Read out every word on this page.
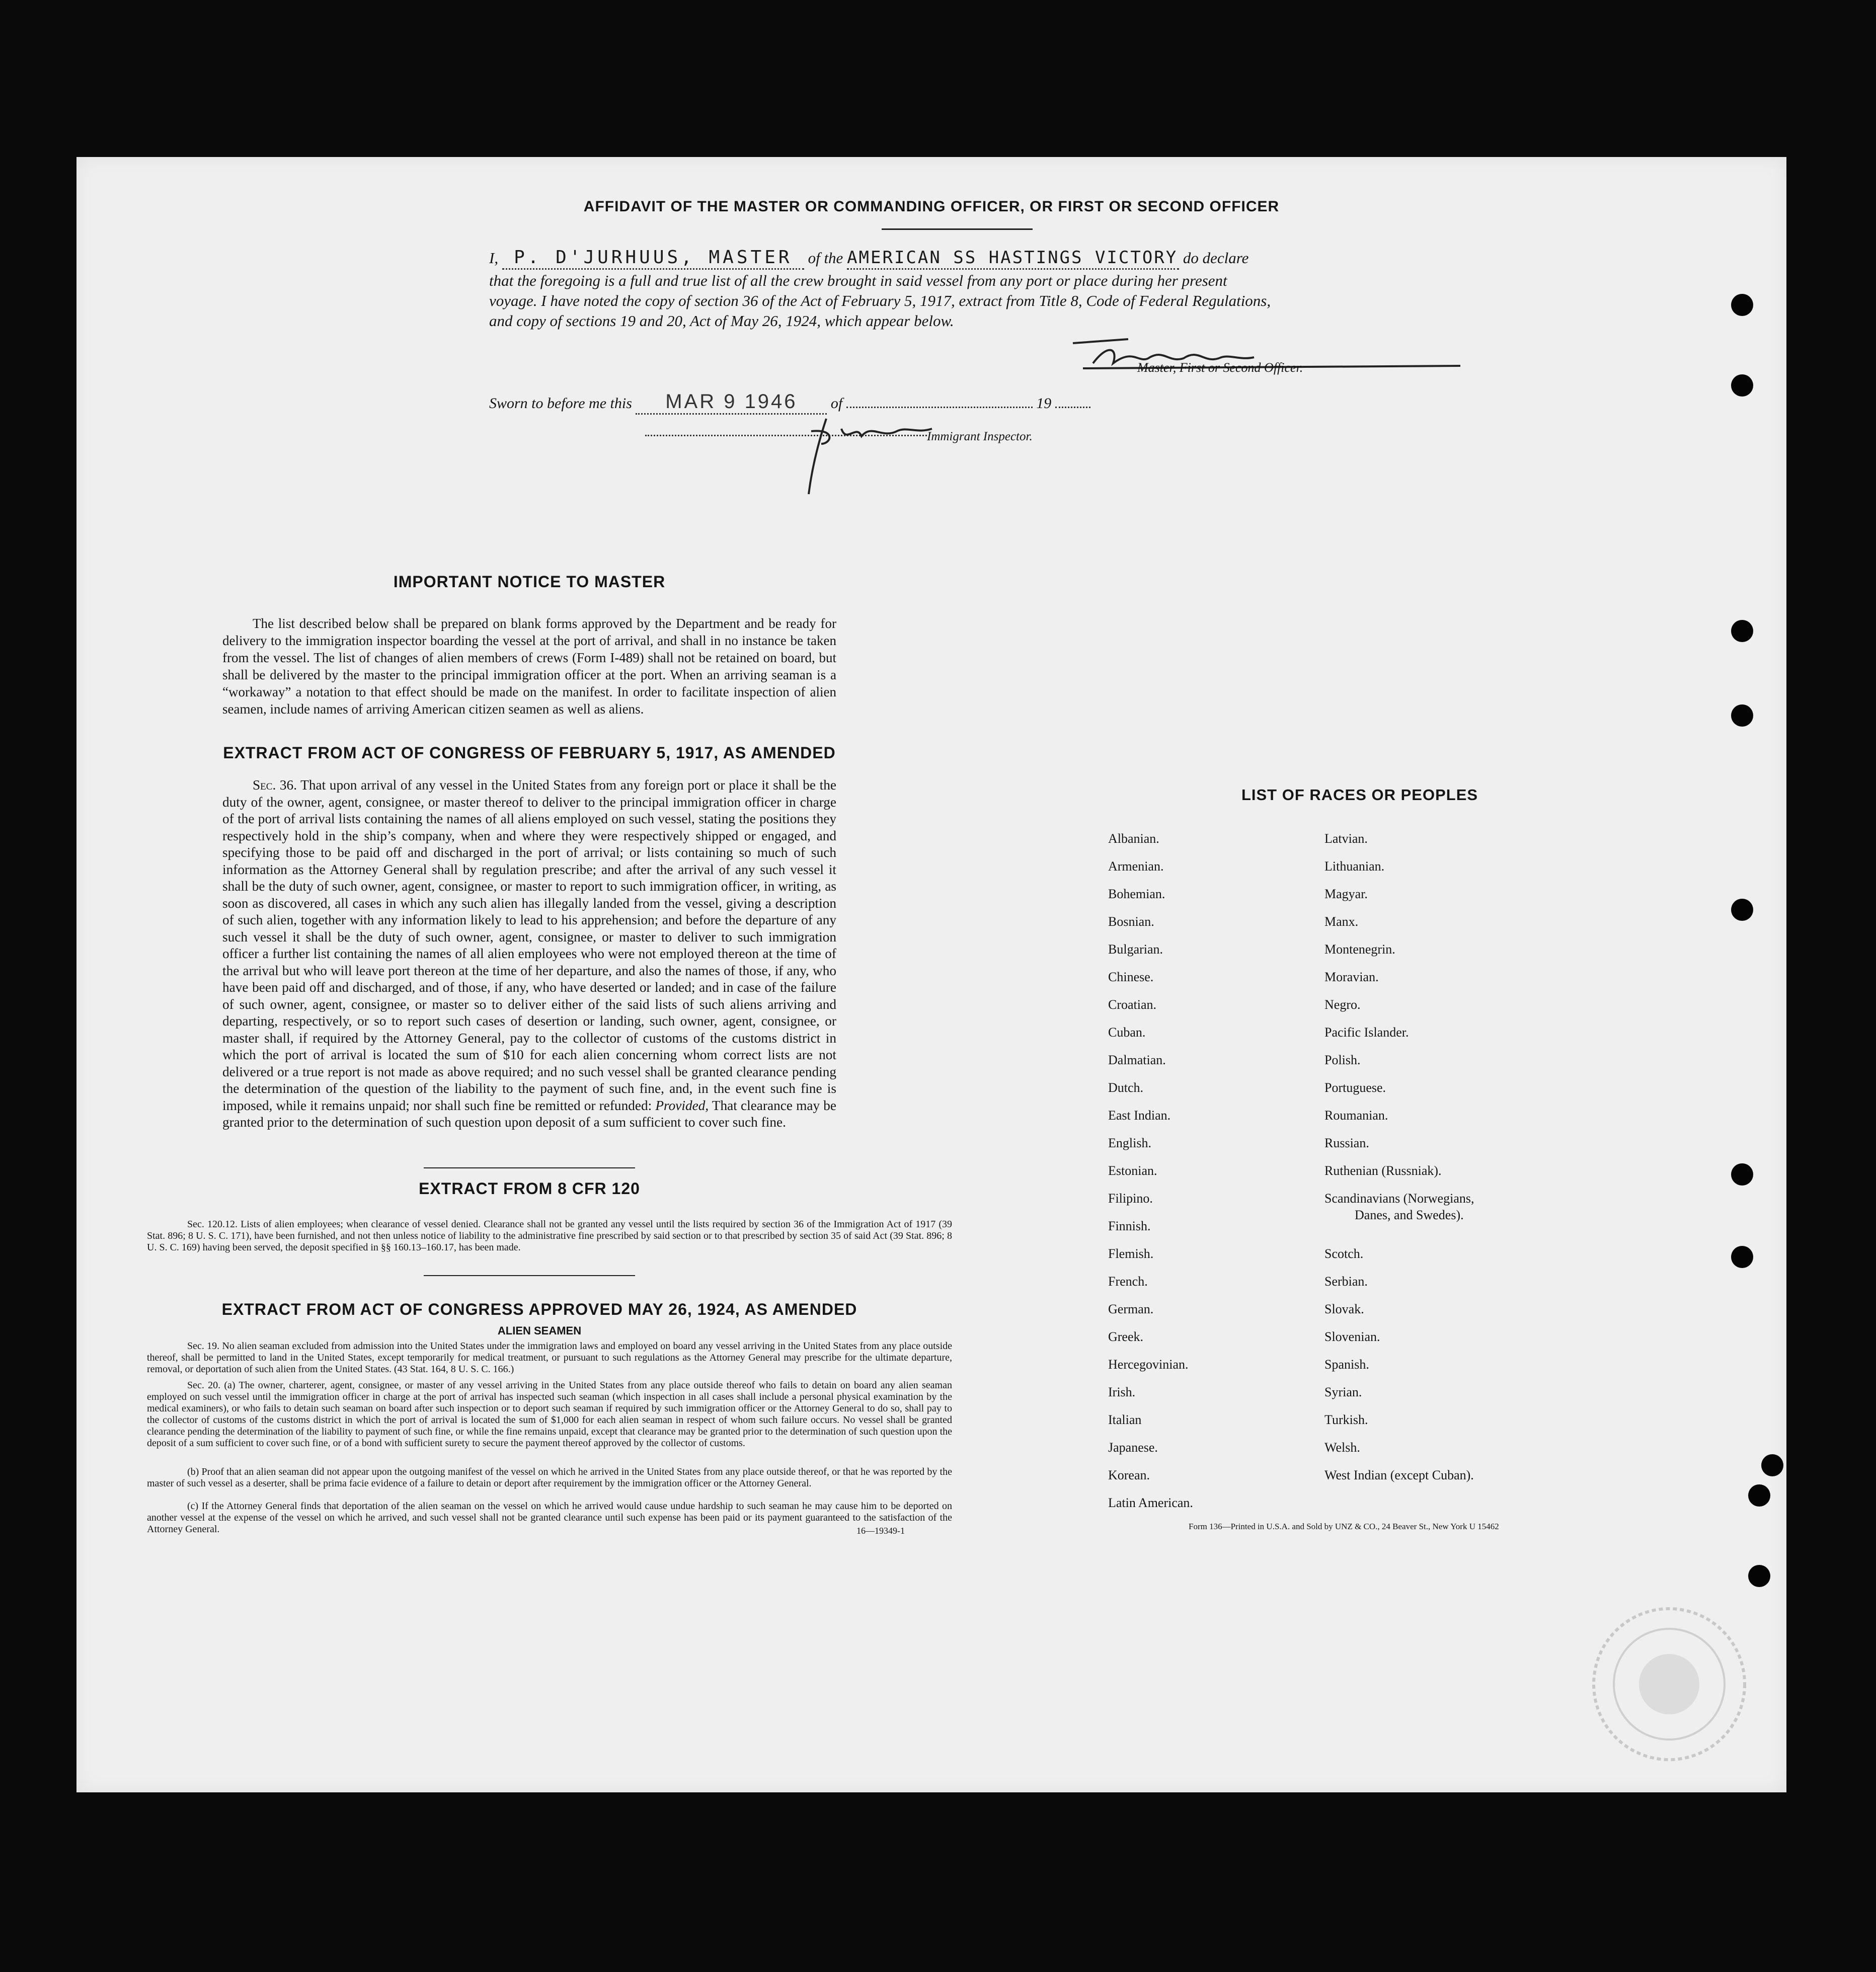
AFFIDAVIT OF THE MASTER OR COMMANDING OFFICER, OR FIRST OR SECOND OFFICER
I, P. D'JURHUUS, MASTER of the AMERICAN SS HASTINGS VICTORY do declare
that the foregoing is a full and true list of all the crew brought in said vessel from any port or place during her present
voyage. I have noted the copy of section 36 of the Act of February 5, 1917, extract from Title 8, Code of Federal Regulations,
and copy of sections 19 and 20, Act of May 26, 1924, which appear below.
Master, First or Second Officer.
Sworn to before me this MAR 9 1946 of	19
Immigrant Inspector.
IMPORTANT NOTICE TO MASTER
The list described below shall be prepared on blank forms approved by the Department and be ready for delivery to the immigration inspector boarding the vessel at the port of arrival, and shall in no instance be taken from the vessel. The list of changes of alien members of crews (Form I-489) shall not be retained on board, but shall be delivered by the master to the principal immigration officer at the port. When an arriving seaman is a “workaway” a notation to that effect should be made on the manifest. In order to facilitate inspection of alien seamen, include names of arriving American citizen seamen as well as aliens.
EXTRACT FROM ACT OF CONGRESS OF FEBRUARY 5, 1917, AS AMENDED
Sec. 36. That upon arrival of any vessel in the United States from any foreign port or place it shall be the duty of the owner, agent, consignee, or master thereof to deliver to the principal immigration officer in charge of the port of arrival lists containing the names of all aliens employed on such vessel, stating the positions they respectively hold in the ship’s company, when and where they were respectively shipped or engaged, and specifying those to be paid off and discharged in the port of arrival; or lists containing so much of such information as the Attorney General shall by regulation prescribe; and after the arrival of any such vessel it shall be the duty of such owner, agent, consignee, or master to report to such immigration officer, in writing, as soon as discovered, all cases in which any such alien has illegally landed from the vessel, giving a description of such alien, together with any information likely to lead to his apprehension; and before the departure of any such vessel it shall be the duty of such owner, agent, consignee, or master to deliver to such immigration officer a further list containing the names of all alien employees who were not employed thereon at the time of the arrival but who will leave port thereon at the time of her departure, and also the names of those, if any, who have been paid off and discharged, and of those, if any, who have deserted or landed; and in case of the failure of such owner, agent, consignee, or master so to deliver either of the said lists of such aliens arriving and departing, respectively, or so to report such cases of desertion or landing, such owner, agent, consignee, or master shall, if required by the Attorney General, pay to the collector of customs of the customs district in which the port of arrival is located the sum of $10 for each alien concerning whom correct lists are not delivered or a true report is not made as above required; and no such vessel shall be granted clearance pending the determination of the question of the liability to the payment of such fine, and, in the event such fine is imposed, while it remains unpaid; nor shall such fine be remitted or refunded: Provided, That clearance may be granted prior to the determination of such question upon deposit of a sum sufficient to cover such fine.
EXTRACT FROM 8 CFR 120
Sec. 120.12. Lists of alien employees; when clearance of vessel denied. Clearance shall not be granted any vessel until the lists required by section 36 of the Immigration Act of 1917 (39 Stat. 896; 8 U. S. C. 171), have been furnished, and not then unless notice of liability to the administrative fine prescribed by said section or to that prescribed by section 35 of said Act (39 Stat. 896; 8 U. S. C. 169) having been served, the deposit specified in §§ 160.13–160.17, has been made.
EXTRACT FROM ACT OF CONGRESS APPROVED MAY 26, 1924, AS AMENDED
ALIEN SEAMEN
Sec. 19. No alien seaman excluded from admission into the United States under the immigration laws and employed on board any vessel arriving in the United States from any place outside thereof, shall be permitted to land in the United States, except temporarily for medical treatment, or pursuant to such regulations as the Attorney General may prescribe for the ultimate departure, removal, or deportation of such alien from the United States. (43 Stat. 164, 8 U. S. C. 166.)
Sec. 20. (a) The owner, charterer, agent, consignee, or master of any vessel arriving in the United States from any place outside thereof who fails to detain on board any alien seaman employed on such vessel until the immigration officer in charge at the port of arrival has inspected such seaman (which inspection in all cases shall include a personal physical examination by the medical examiners), or who fails to detain such seaman on board after such inspection or to deport such seaman if required by such immigration officer or the Attorney General to do so, shall pay to the collector of customs of the customs district in which the port of arrival is located the sum of $1,000 for each alien seaman in respect of whom such failure occurs. No vessel shall be granted clearance pending the determination of the liability to payment of such fine, or while the fine remains unpaid, except that clearance may be granted prior to the determination of such question upon the deposit of a sum sufficient to cover such fine, or of a bond with sufficient surety to secure the payment thereof approved by the collector of customs.
(b) Proof that an alien seaman did not appear upon the outgoing manifest of the vessel on which he arrived in the United States from any place outside thereof, or that he was reported by the master of such vessel as a deserter, shall be prima facie evidence of a failure to detain or deport after requirement by the immigration officer or the Attorney General.
(c) If the Attorney General finds that deportation of the alien seaman on the vessel on which he arrived would cause undue hardship to such seaman he may cause him to be deported on another vessel at the expense of the vessel on which he arrived, and such vessel shall not be granted clearance until such expense has been paid or its payment guaranteed to the satisfaction of the Attorney General.	16—19349-1
LIST OF RACES OR PEOPLES
Form 136—Printed in U.S.A. and Sold by UNZ & CO., 24 Beaver St., New York U 15462
Albanian.
Armenian.
Bohemian.
Bosnian.
Bulgarian.
Chinese.
Croatian.
Cuban.
Dalmatian.
Dutch.
East Indian.
English.
Estonian.
Filipino.
Finnish.
Flemish.
French.
German.
Greek.
Hercegovinian.
Irish.
Italian
Japanese.
Korean.
Latin American.
Latvian.
Lithuanian.
Magyar.
Manx.
Montenegrin.
Moravian.
Negro.
Pacific Islander.
Polish.
Portuguese.
Roumanian.
Russian.
Ruthenian (Russniak).
Scandinavians (Norwegians,
Danes, and Swedes).
Scotch.
Serbian.
Slovak.
Slovenian.
Spanish.
Syrian.
Turkish.
Welsh.
West Indian (except Cuban).
